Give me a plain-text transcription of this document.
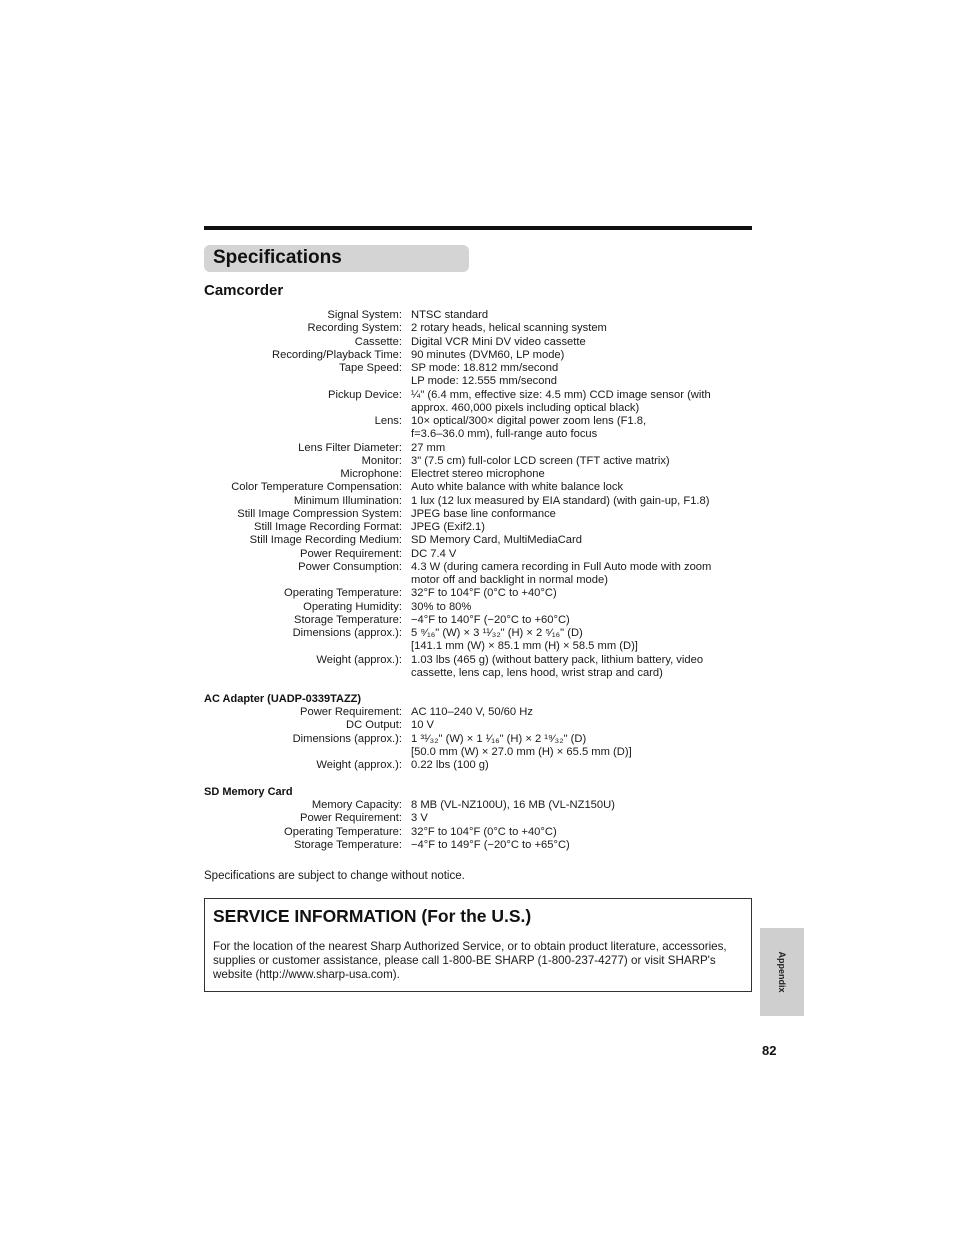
Specifications
Camcorder
Signal System: NTSC standard
Recording System: 2 rotary heads, helical scanning system
Cassette: Digital VCR Mini DV video cassette
Recording/Playback Time: 90 minutes (DVM60, LP mode)
Tape Speed: SP mode: 18.812 mm/second
LP mode: 12.555 mm/second
Pickup Device: ¼" (6.4 mm, effective size: 4.5 mm) CCD image sensor (with
approx. 460,000 pixels including optical black)
Lens: 10× optical/300× digital power zoom lens (F1.8,
f=3.6–36.0 mm), full-range auto focus
Lens Filter Diameter: 27 mm
Monitor: 3" (7.5 cm) full-color LCD screen (TFT active matrix)
Microphone: Electret stereo microphone
Color Temperature Compensation: Auto white balance with white balance lock
Minimum Illumination: 1 lux (12 lux measured by EIA standard) (with gain-up, F1.8)
Still Image Compression System: JPEG base line conformance
Still Image Recording Format: JPEG (Exif2.1)
Still Image Recording Medium: SD Memory Card, MultiMediaCard
Power Requirement: DC 7.4 V
Power Consumption: 4.3 W (during camera recording in Full Auto mode with zoom
motor off and backlight in normal mode)
Operating Temperature: 32°F to 104°F (0°C to +40°C)
Operating Humidity: 30% to 80%
Storage Temperature: −4°F to 140°F (−20°C to +60°C)
Dimensions (approx.): 5 ⁹⁄₁₆" (W) × 3 ¹¹⁄₃₂" (H) × 2 ⁵⁄₁₆" (D)
[141.1 mm (W) × 85.1 mm (H) × 58.5 mm (D)]
Weight (approx.): 1.03 lbs (465 g) (without battery pack, lithium battery, video
cassette, lens cap, lens hood, wrist strap and card)
AC Adapter (UADP-0339TAZZ)
Power Requirement: AC 110–240 V, 50/60 Hz
DC Output: 10 V
Dimensions (approx.): 1 ³¹⁄₃₂" (W) × 1 ¹⁄₁₆" (H) × 2 ¹⁹⁄₃₂" (D)
[50.0 mm (W) × 27.0 mm (H) × 65.5 mm (D)]
Weight (approx.): 0.22 lbs (100 g)
SD Memory Card
Memory Capacity: 8 MB (VL-NZ100U), 16 MB (VL-NZ150U)
Power Requirement: 3 V
Operating Temperature: 32°F to 104°F (0°C to +40°C)
Storage Temperature: −4°F to 149°F (−20°C to +65°C)
Specifications are subject to change without notice.
SERVICE INFORMATION (For the U.S.)
For the location of the nearest Sharp Authorized Service, or to obtain product literature, accessories, supplies or customer assistance, please call 1-800-BE SHARP (1-800-237-4277) or visit SHARP's website (http://www.sharp-usa.com).	Appendix
82
